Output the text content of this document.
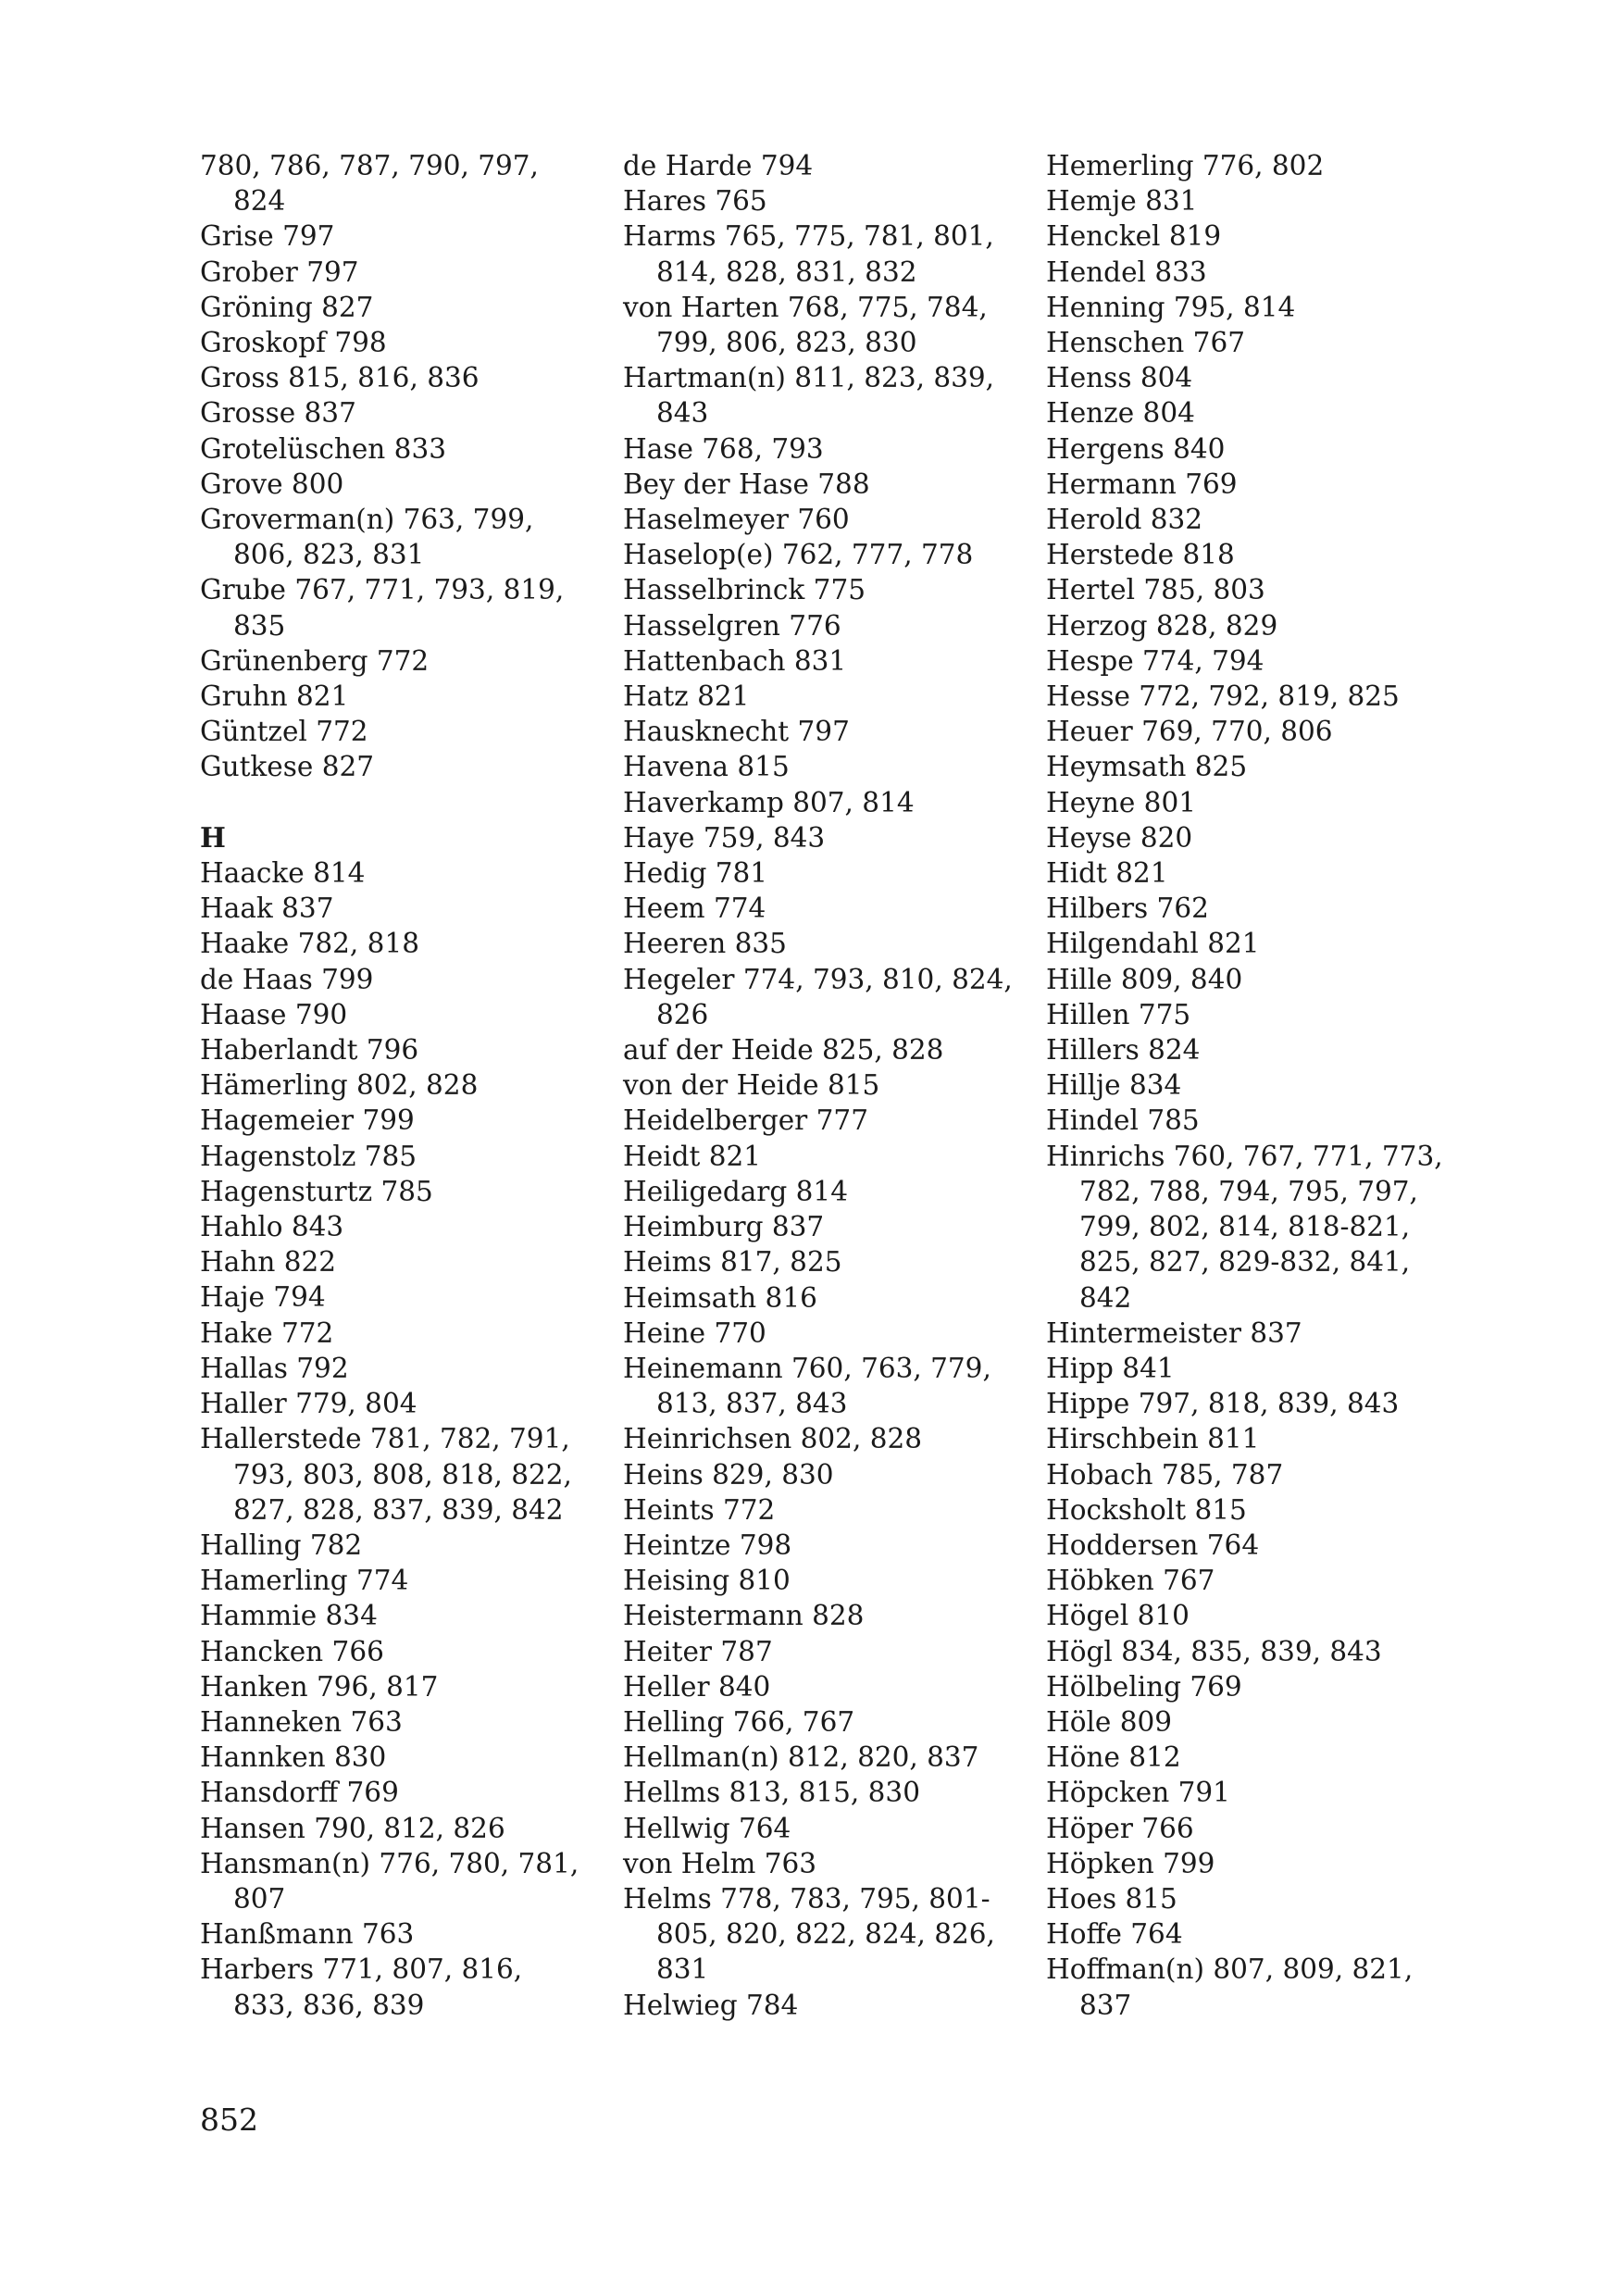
780, 786, 787, 790, 797, 824
Grise 797
Grober 797
Gröning 827
Groskopf 798
Gross 815, 816, 836
Grosse 837
Grotelüschen 833
Grove 800
Groverman(n) 763, 799, 806, 823, 831
Grube 767, 771, 793, 819, 835
Grünenberg 772
Gruhn 821
Güntzel 772
Gutkese 827
H
Haacke 814
Haak 837
Haake 782, 818
de Haas 799
Haase 790
Haberlandt 796
Hämerling 802, 828
Hagemeier 799
Hagenstolz 785
Hagensturtz 785
Hahlo 843
Hahn 822
Haje 794
Hake 772
Hallas 792
Haller 779, 804
Hallerstede 781, 782, 791, 793, 803, 808, 818, 822, 827, 828, 837, 839, 842
Halling 782
Hamerling 774
Hammie 834
Hancken 766
Hanken 796, 817
Hanneken 763
Hannken 830
Hansdorff 769
Hansen 790, 812, 826
Hansman(n) 776, 780, 781, 807
Hanßmann 763
Harbers 771, 807, 816, 833, 836, 839
de Harde 794
Hares 765
Harms 765, 775, 781, 801, 814, 828, 831, 832
von Harten 768, 775, 784, 799, 806, 823, 830
Hartman(n) 811, 823, 839, 843
Hase 768, 793
Bey der Hase 788
Haselmeyer 760
Haselop(e) 762, 777, 778
Hasselbrinck 775
Hasselgren 776
Hattenbach 831
Hatz 821
Hausknecht 797
Havena 815
Haverkamp 807, 814
Haye 759, 843
Hedig 781
Heem 774
Heeren 835
Hegeler 774, 793, 810, 824, 826
auf der Heide 825, 828
von der Heide 815
Heidelberger 777
Heidt 821
Heiligedarg 814
Heimburg 837
Heims 817, 825
Heimsath 816
Heine 770
Heinemann 760, 763, 779, 813, 837, 843
Heinrichsen 802, 828
Heins 829, 830
Heints 772
Heintze 798
Heising 810
Heistermann 828
Heiter 787
Heller 840
Helling 766, 767
Hellman(n) 812, 820, 837
Hellms 813, 815, 830
Hellwig 764
von Helm 763
Helms 778, 783, 795, 801-805, 820, 822, 824, 826, 831
Helwieg 784
Hemerling 776, 802
Hemje 831
Henckel 819
Hendel 833
Henning 795, 814
Henschen 767
Henss 804
Henze 804
Hergens 840
Hermann 769
Herold 832
Herstede 818
Hertel 785, 803
Herzog 828, 829
Hespe 774, 794
Hesse 772, 792, 819, 825
Heuer 769, 770, 806
Heymsath 825
Heyne 801
Heyse 820
Hidt 821
Hilbers 762
Hilgendahl 821
Hille 809, 840
Hillen 775
Hillers 824
Hillje 834
Hindel 785
Hinrichs 760, 767, 771, 773, 782, 788, 794, 795, 797, 799, 802, 814, 818-821, 825, 827, 829-832, 841, 842
Hintermeister 837
Hipp 841
Hippe 797, 818, 839, 843
Hirschbein 811
Hobach 785, 787
Hocksholt 815
Hoddersen 764
Höbken 767
Högel 810
Högl 834, 835, 839, 843
Hölbeling 769
Höle 809
Höne 812
Höpcken 791
Höper 766
Höpken 799
Hoes 815
Hoffe 764
Hoffman(n) 807, 809, 821, 837
852
